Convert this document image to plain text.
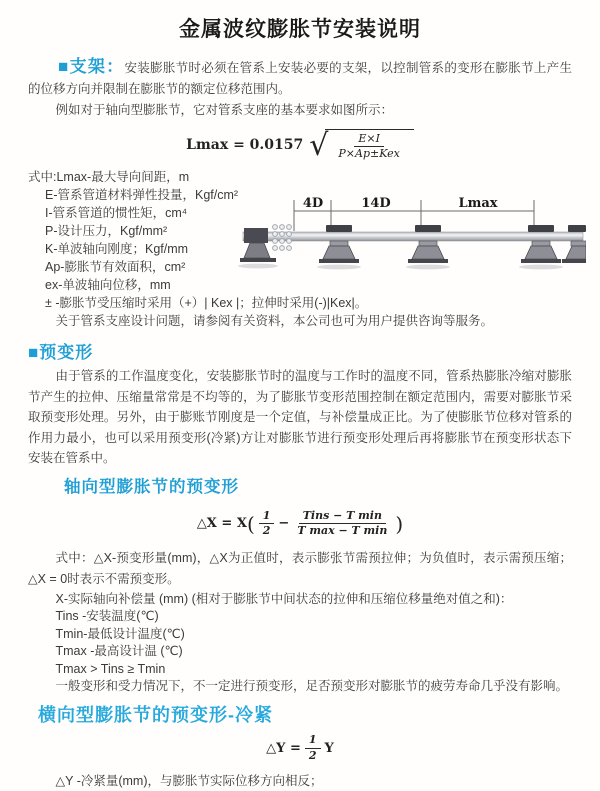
金属波纹膨胀节安装说明

■支架：安装膨胀节时必须在管系上安装必要的支架，以控制管系的变形在膨胀节上产生的位移方向并限制在膨胀节的额定位移范围内。

例如对于轴向型膨胀节，它对管系支座的基本要求如图所示：

Lmax = 0.0157 √ $\frac{E\times I}{\text{P×Ap±Kex}}$
式中:Lmax-最大导向间距，m
E-管系管道材料弹性投量，Kgf/cm²
I-管系管道的惯性矩，cm⁴
P-设计压力，Kgf/mm²
K-单波轴向刚度；Kgf/mm
Ap-膨胀节有效面积，cm²
ex-单波轴向位移，mm
4D	14D	Lmax

± -膨胀节受压缩时采用（+）| Kex |；拉伸时采用(-)|Kex|。

关于管系支座设计问题，请参阅有关资料，本公司也可为用户提供咨询等服务。

■预变形

由于管系的工作温度变化，安装膨胀节时的温度与工作时的温度不同，管系热膨胀冷缩对膨胀节产生的拉伸、压缩量常常是不均等的，为了膨胀节变形范围控制在额定范围内，需要对膨胀节采取预变形处理。另外，由于膨账节刚度是一个定值，与补偿量成正比。为了使膨胀节位移对管系的作用力最小，也可以采用预变形(冷紧)方让对膨胀节进行预变形处理后再将膨胀节在预变形状态下安装在管系中。

轴向型膨胀节的预变形
△X = X ( $\frac{1}{2} - \frac{\text{Tins − T min}}{\text{T max − T min}}$ )

式中：△X-预变形量(mm)，△X为正值时，表示膨张节需预拉伸；为负值时，表示需预压缩；△X = 0时表示不需预变形。

X-实际轴向补偿量 (mm) (相对于膨胀节中间状态的拉伸和压缩位移量绝对值之和)：
Tins -安装温度(℃)
Tmin-最低设计温度(℃)
Tmax -最高设计温 (℃)
Tmax > Tins ≥ Tmin
一般变形和受力情况下，不一定进行预变形，足否预变形对膨胀节的疲劳寿命几乎没有影响。
横向型膨胀节的预变形-冷紧
△Y = $\frac{1}{2}$ Y

△Y -冷紧量(mm)，与膨胀节实际位移方向相反；
